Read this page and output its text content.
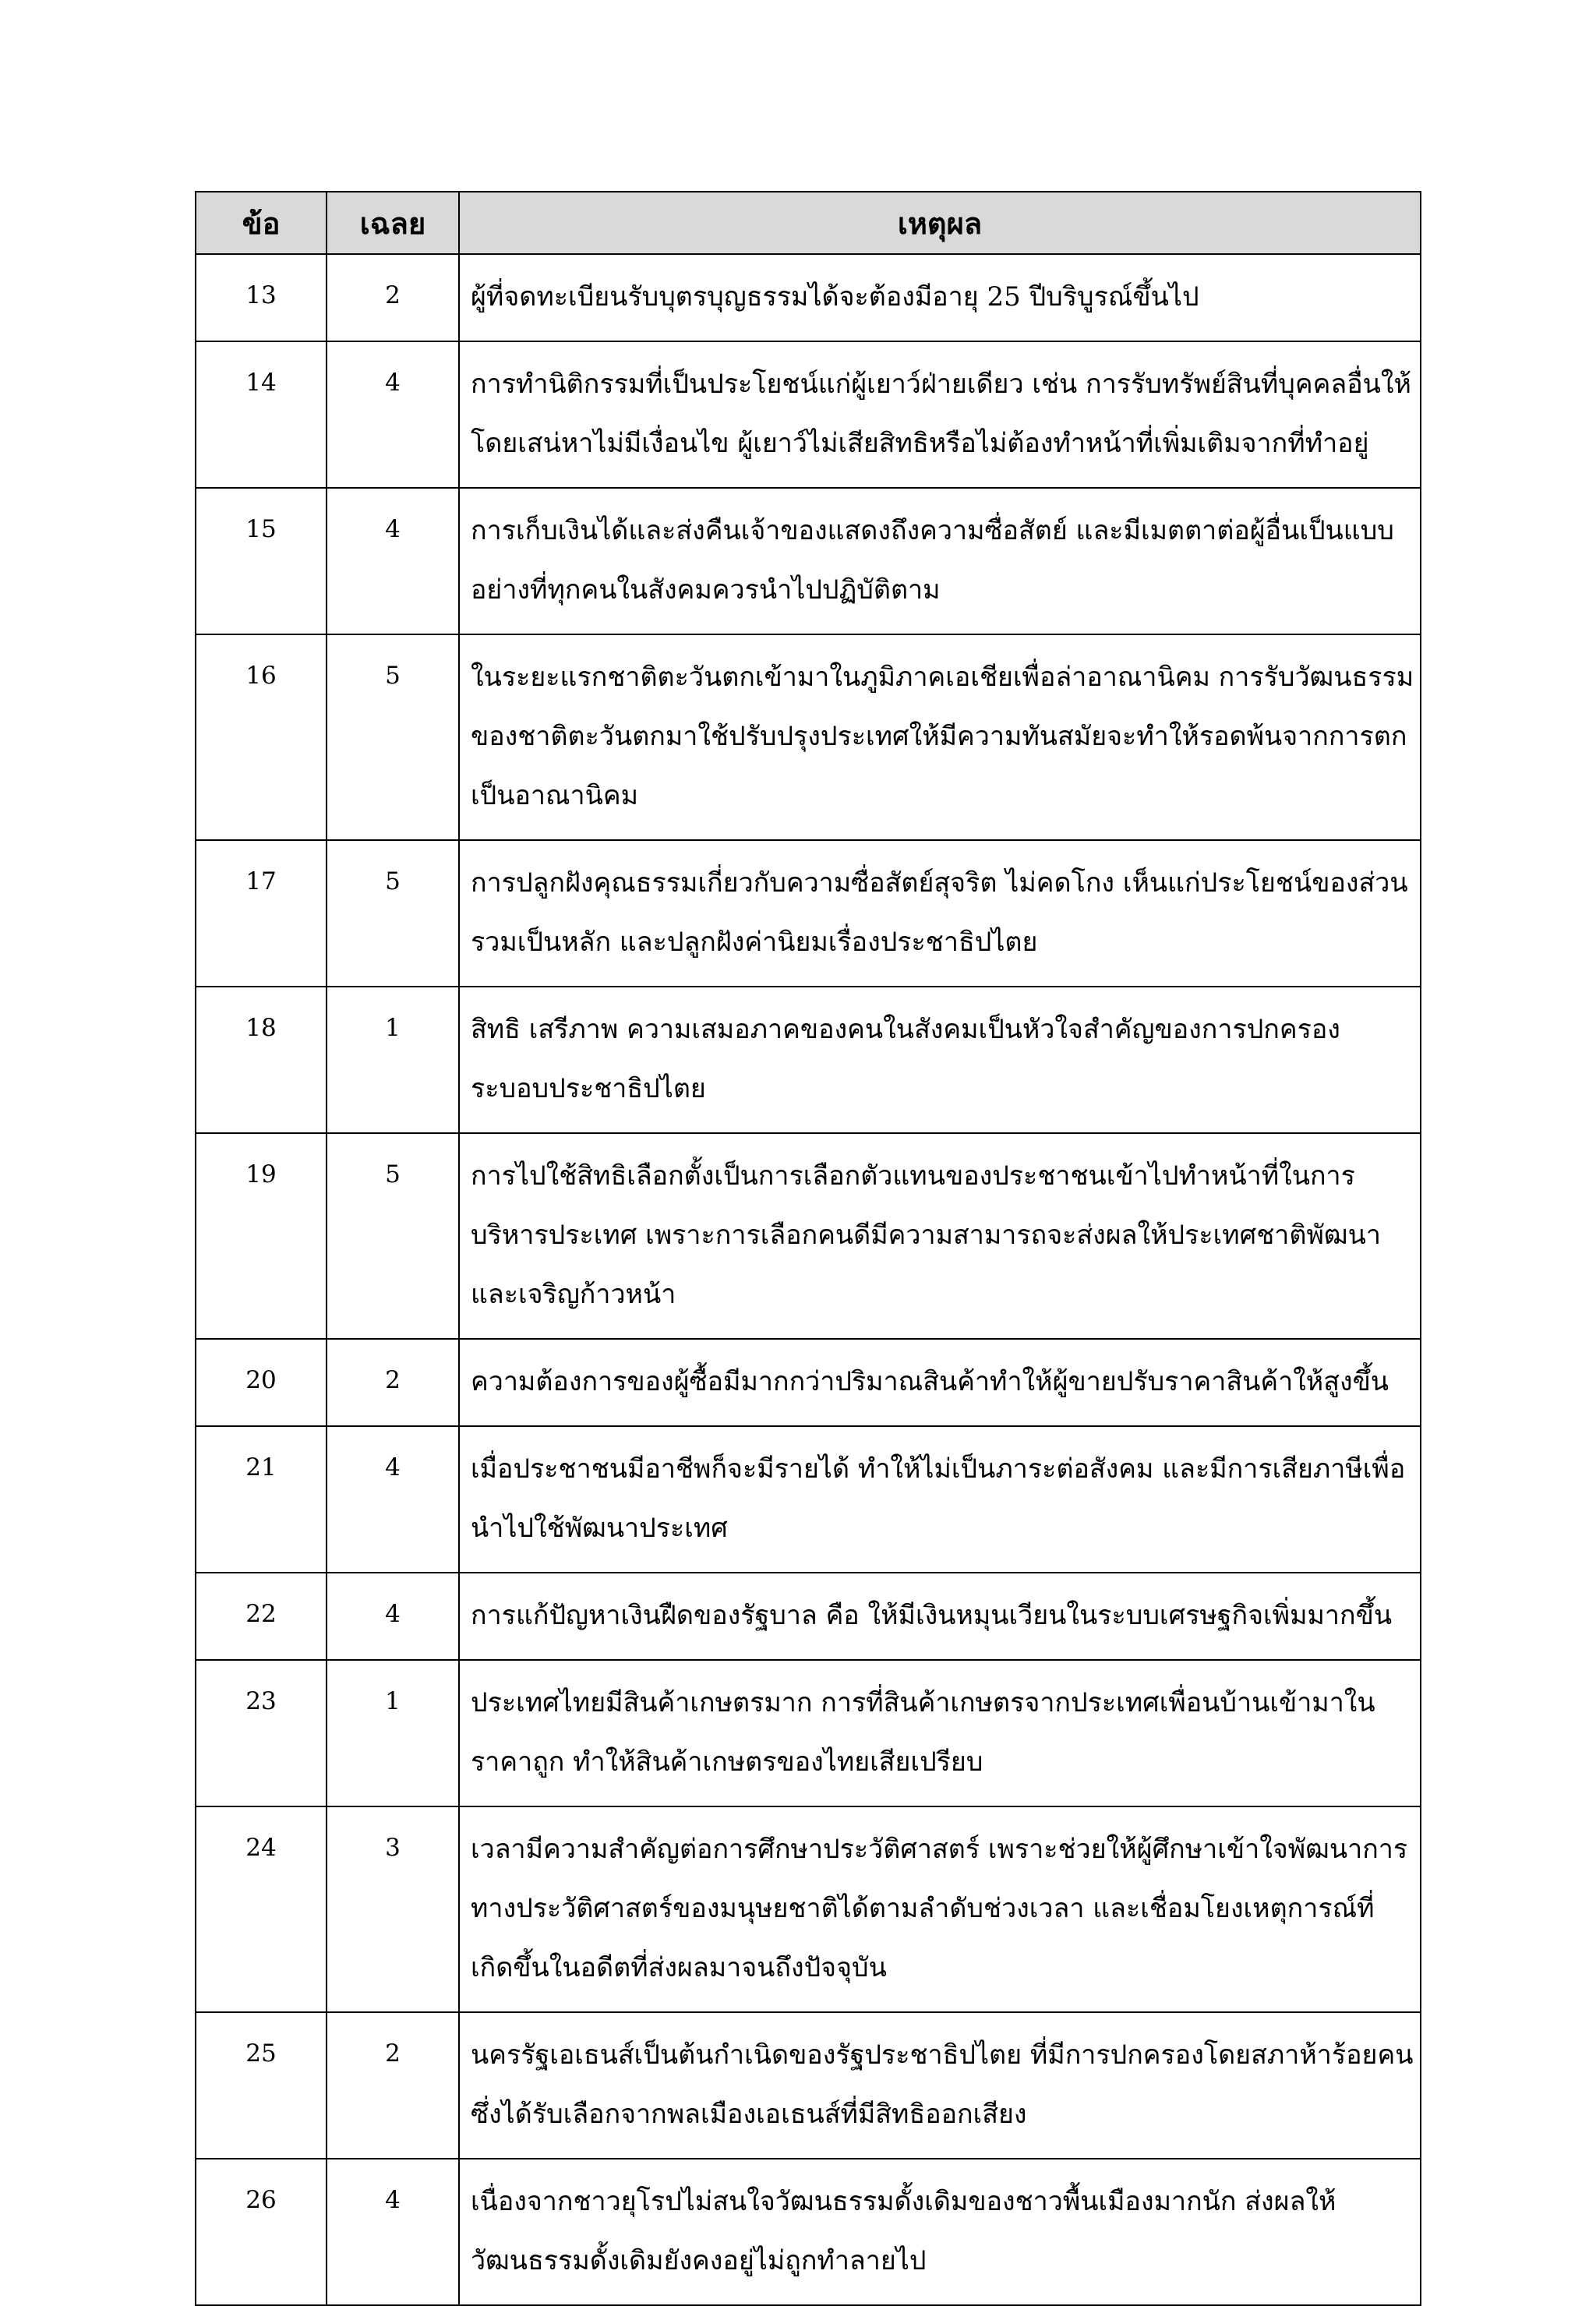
ข้อ	เฉลย	เหตุผล
13	2	ผู้ที่จดทะเบียนรับบุตรบุญธรรมได้จะต้องมีอายุ 25 ปีบริบูรณ์ขึ้นไป
14	4	การทำนิติกรรมที่เป็นประโยชน์แก่ผู้เยาว์ฝ่ายเดียว เช่น การรับทรัพย์สินที่บุคคลอื่นให้โดยเสน่หาไม่มีเงื่อนไข ผู้เยาว์ไม่เสียสิทธิหรือไม่ต้องทำหน้าที่เพิ่มเติมจากที่ทำอยู่
15	4	การเก็บเงินได้และส่งคืนเจ้าของแสดงถึงความซื่อสัตย์ และมีเมตตาต่อผู้อื่นเป็นแบบอย่างที่ทุกคนในสังคมควรนำไปปฏิบัติตาม
16	5	ในระยะแรกชาติตะวันตกเข้ามาในภูมิภาคเอเชียเพื่อล่าอาณานิคม การรับวัฒนธรรมของชาติตะวันตกมาใช้ปรับปรุงประเทศให้มีความทันสมัยจะทำให้รอดพ้นจากการตกเป็นอาณานิคม
17	5	การปลูกฝังคุณธรรมเกี่ยวกับความซื่อสัตย์สุจริต ไม่คดโกง เห็นแก่ประโยชน์ของส่วนรวมเป็นหลัก และปลูกฝังค่านิยมเรื่องประชาธิปไตย
18	1	สิทธิ เสรีภาพ ความเสมอภาคของคนในสังคมเป็นหัวใจสำคัญของการปกครองระบอบประชาธิปไตย
19	5	การไปใช้สิทธิเลือกตั้งเป็นการเลือกตัวแทนของประชาชนเข้าไปทำหน้าที่ในการบริหารประเทศ เพราะการเลือกคนดีมีความสามารถจะส่งผลให้ประเทศชาติพัฒนาและเจริญก้าวหน้า
20	2	ความต้องการของผู้ซื้อมีมากกว่าปริมาณสินค้าทำให้ผู้ขายปรับราคาสินค้าให้สูงขึ้น
21	4	เมื่อประชาชนมีอาชีพก็จะมีรายได้ ทำให้ไม่เป็นภาระต่อสังคม และมีการเสียภาษีเพื่อนำไปใช้พัฒนาประเทศ
22	4	การแก้ปัญหาเงินฝืดของรัฐบาล คือ ให้มีเงินหมุนเวียนในระบบเศรษฐกิจเพิ่มมากขึ้น
23	1	ประเทศไทยมีสินค้าเกษตรมาก การที่สินค้าเกษตรจากประเทศเพื่อนบ้านเข้ามาในราคาถูก ทำให้สินค้าเกษตรของไทยเสียเปรียบ
24	3	เวลามีความสำคัญต่อการศึกษาประวัติศาสตร์ เพราะช่วยให้ผู้ศึกษาเข้าใจพัฒนาการทางประวัติศาสตร์ของมนุษยชาติได้ตามลำดับช่วงเวลา และเชื่อมโยงเหตุการณ์ที่เกิดขึ้นในอดีตที่ส่งผลมาจนถึงปัจจุบัน
25	2	นครรัฐเอเธนส์เป็นต้นกำเนิดของรัฐประชาธิปไตย ที่มีการปกครองโดยสภาห้าร้อยคนซึ่งได้รับเลือกจากพลเมืองเอเธนส์ที่มีสิทธิออกเสียง
26	4	เนื่องจากชาวยุโรปไม่สนใจวัฒนธรรมดั้งเดิมของชาวพื้นเมืองมากนัก ส่งผลให้วัฒนธรรมดั้งเดิมยังคงอยู่ไม่ถูกทำลายไป
